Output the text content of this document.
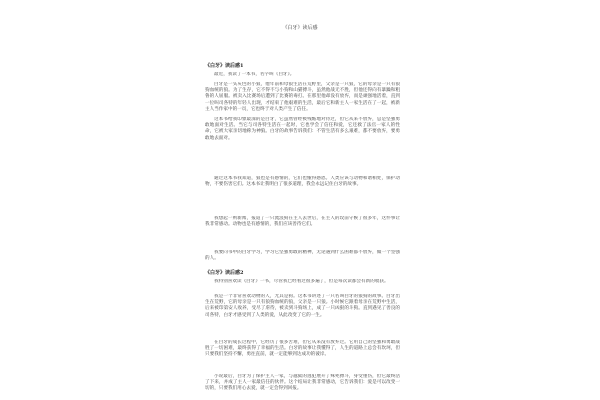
《白牙》读后感
《白牙》读后感1
最近，我读了一本书，名字叫《白牙》。
白牙是一头灰色的小狼，他年前和母狼生活在荒野里，父亲是一只狼，它的母亲是一只有狼狗血统的狼。为了生存，它不得不与小狗和山猫搏斗，虽然他战无不胜，但他还得向有暴躁和粗鲁的人屈服。被卖入比赛场后遭到了比赛的毒打。在那里他却没有放弃，而是顽强地活着，直到一位叫司各特的年轻人出现，才结束了他艰难的生活，最后它和新主人一家生活在了一起，被新主人当作家中的一员，它也终于对人类产生了信任。
这本书给我印象最深的是白牙，它虽然曾经被残酷地对待过，但它从来不放弃，总是坚强勇敢地面对生活。当它与司各特生活在一起时，它也学会了信任和爱，它还救了法官一家人的性命，它被大家亲切地称为神狼。白牙的故事告诉我们：不管生活有多么艰难，都不要放弃，要勇敢地去面对。
通过这本书我知道，狼也是有感情的，它们也懂得感恩。人类应该与动物和谐相处，保护动物，不要伤害它们。这本书让我明白了很多道理，我会永远记住白牙的故事。
我想起一则新闻，报道了一只流浪狗在主人去世后，在主人的坟前守候了很多年，这件事让我非常感动。动物也是有感情的，我们应该善待它们。
我要向书中的白牙学习，学习它坚强勇敢的精神，无论遇到什么困难都不放弃，做一个坚强的人。
《白牙》读后感2
我特别喜欢读《白牙》一书，尽管我已经看过很多遍了，但是每次读都会有新的收获。
我是一个非常喜欢动物的人，尤其是狗。这本书讲述了一只名叫白牙的狼狗的故事。白牙出生在荒野，它的母亲是一只有狼狗血统的狼，父亲是一只狼。小时候它跟着母亲在荒野中生活，后来被印第安人收养，受尽了虐待，被卖到斗狗场上，成了一只凶狠的斗狗。直到遇见了善良的司各特，白牙才感受到了人类的爱，从此改变了它的一生。
在白牙的成长过程中，它经历了很多苦难，但它从来没有放弃过。它用自己的坚强和勇敢战胜了一切困难，最终获得了幸福的生活。白牙的故事让我懂得了，人生的道路上总会有坎坷，但只要我们坚持不懈，勇往直前，就一定能够到达成功的彼岸。
小说最后，白牙为了保护主人一家，与越狱的逃犯展开了殊死搏斗，身受重伤，但它最终活了下来，并成了主人一家最信任的伙伴。这个结局让我非常感动，它告诉我们：爱是可以改变一切的，只要我们用心去爱，就一定会得到回报。
